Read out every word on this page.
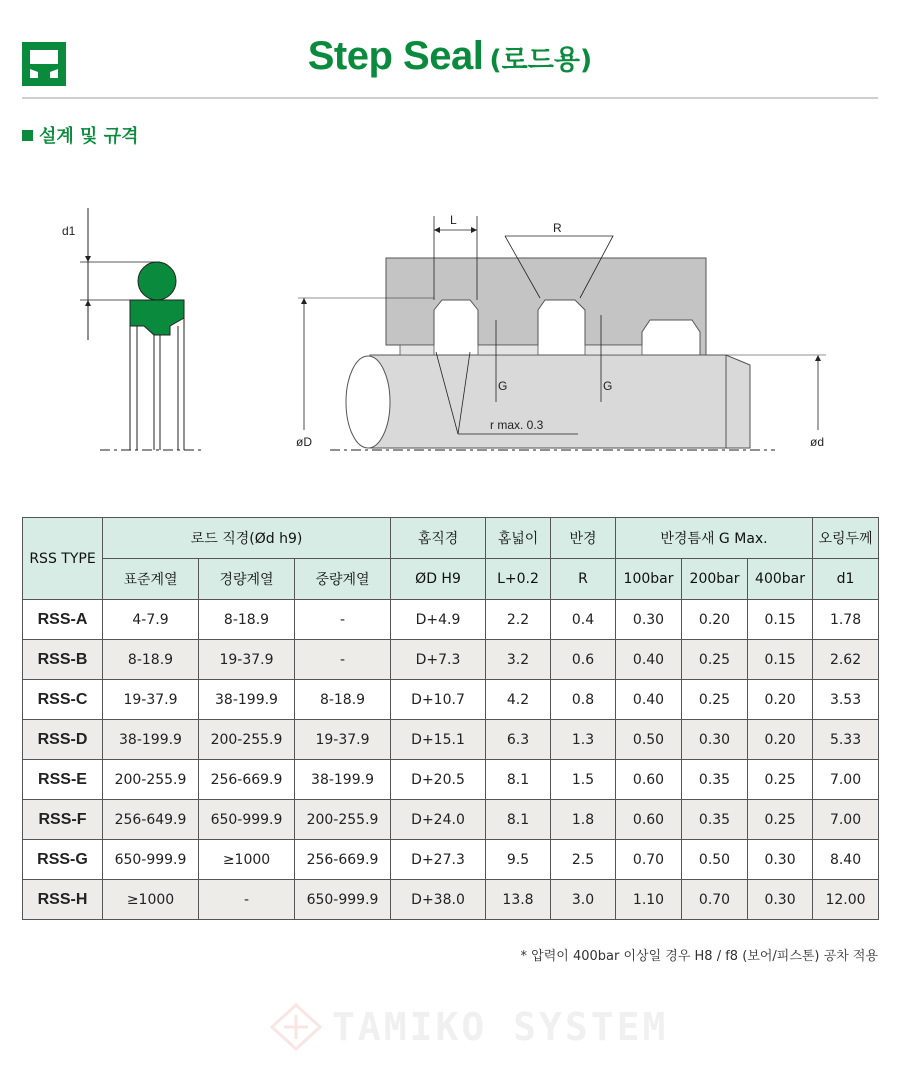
Step Seal (로드용)
설계 및 규격
d1
L
R
G	G
r max. 0.3
øD	ød
RSS TYPE	로드 직경(Ød h9)			홈직경	홈넓이	반경	반경틈새 G Max.			오링두께
	표준계열	경량계열	중량계열	ØD H9	L+0.2	R	100bar	200bar	400bar	d1
RSS-A	4-7.9	8-18.9	-	D+4.9	2.2	0.4	0.30	0.20	0.15	1.78
RSS-B	8-18.9	19-37.9	-	D+7.3	3.2	0.6	0.40	0.25	0.15	2.62
RSS-C	19-37.9	38-199.9	8-18.9	D+10.7	4.2	0.8	0.40	0.25	0.20	3.53
RSS-D	38-199.9	200-255.9	19-37.9	D+15.1	6.3	1.3	0.50	0.30	0.20	5.33
RSS-E	200-255.9	256-669.9	38-199.9	D+20.5	8.1	1.5	0.60	0.35	0.25	7.00
RSS-F	256-649.9	650-999.9	200-255.9	D+24.0	8.1	1.8	0.60	0.35	0.25	7.00
RSS-G	650-999.9	≥1000	256-669.9	D+27.3	9.5	2.5	0.70	0.50	0.30	8.40
RSS-H	≥1000	-	650-999.9	D+38.0	13.8	3.0	1.10	0.70	0.30	12.00
* 압력이 400bar 이상일 경우 H8 / f8 (보어/피스톤) 공차 적용
TAMIKO SYSTEM
